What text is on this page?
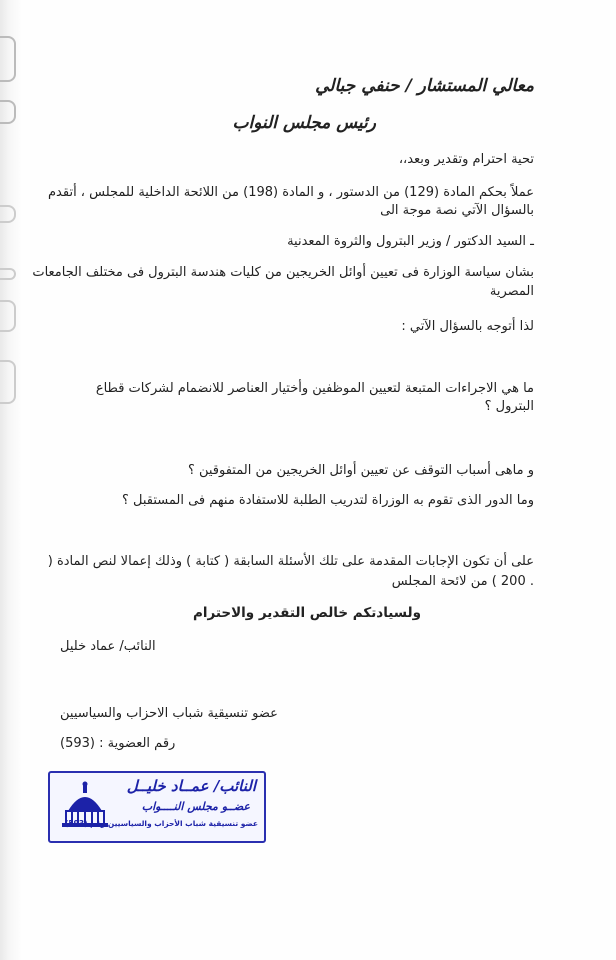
معالي المستشار / حنفي جبالي
رئيس مجلس النواب
تحية احترام وتقدير وبعد،،
عملاً بحكم المادة (129) من الدستور ، و المادة (198) من اللائحة الداخلية للمجلس ، أتقدم
بالسؤال الآتي نصة موجة الى
ـ السيد الدكتور / وزير البترول والثروة المعدنية
بشان سياسة الوزارة فى تعيين أوائل الخريجين من كليات هندسة البترول فى مختلف الجامعات
المصرية
لذا أتوجه بالسؤال الآتي :
ما هي الاجراءات المتبعة لتعيين الموظفين وأختيار العناصر للانضمام لشركات قطاع
البترول ؟
و ماهى أسباب التوقف عن تعيين أوائل الخريجين من المتفوقين ؟
وما الدور الذى تقوم به الوزراة لتدريب الطلبة للاستفادة منهم فى المستقبل ؟
على أن تكون الإجابات المقدمة على تلك الأسئلة السابقة ( كتابة ) وذلك إعمالا لنص المادة (
. 200 ) من لائحة المجلس
ولسيادتكم خالص التقدير والاحترام
النائب/ عماد خليل
عضو تنسيقية شباب الاحزاب والسياسيين
رقم العضوية : (593)
النائب/ عمــاد خليــل
عضــو مجلس النــــواب
عضو تنسيقية شباب الأحزاب والسياسيين رقم (593)
